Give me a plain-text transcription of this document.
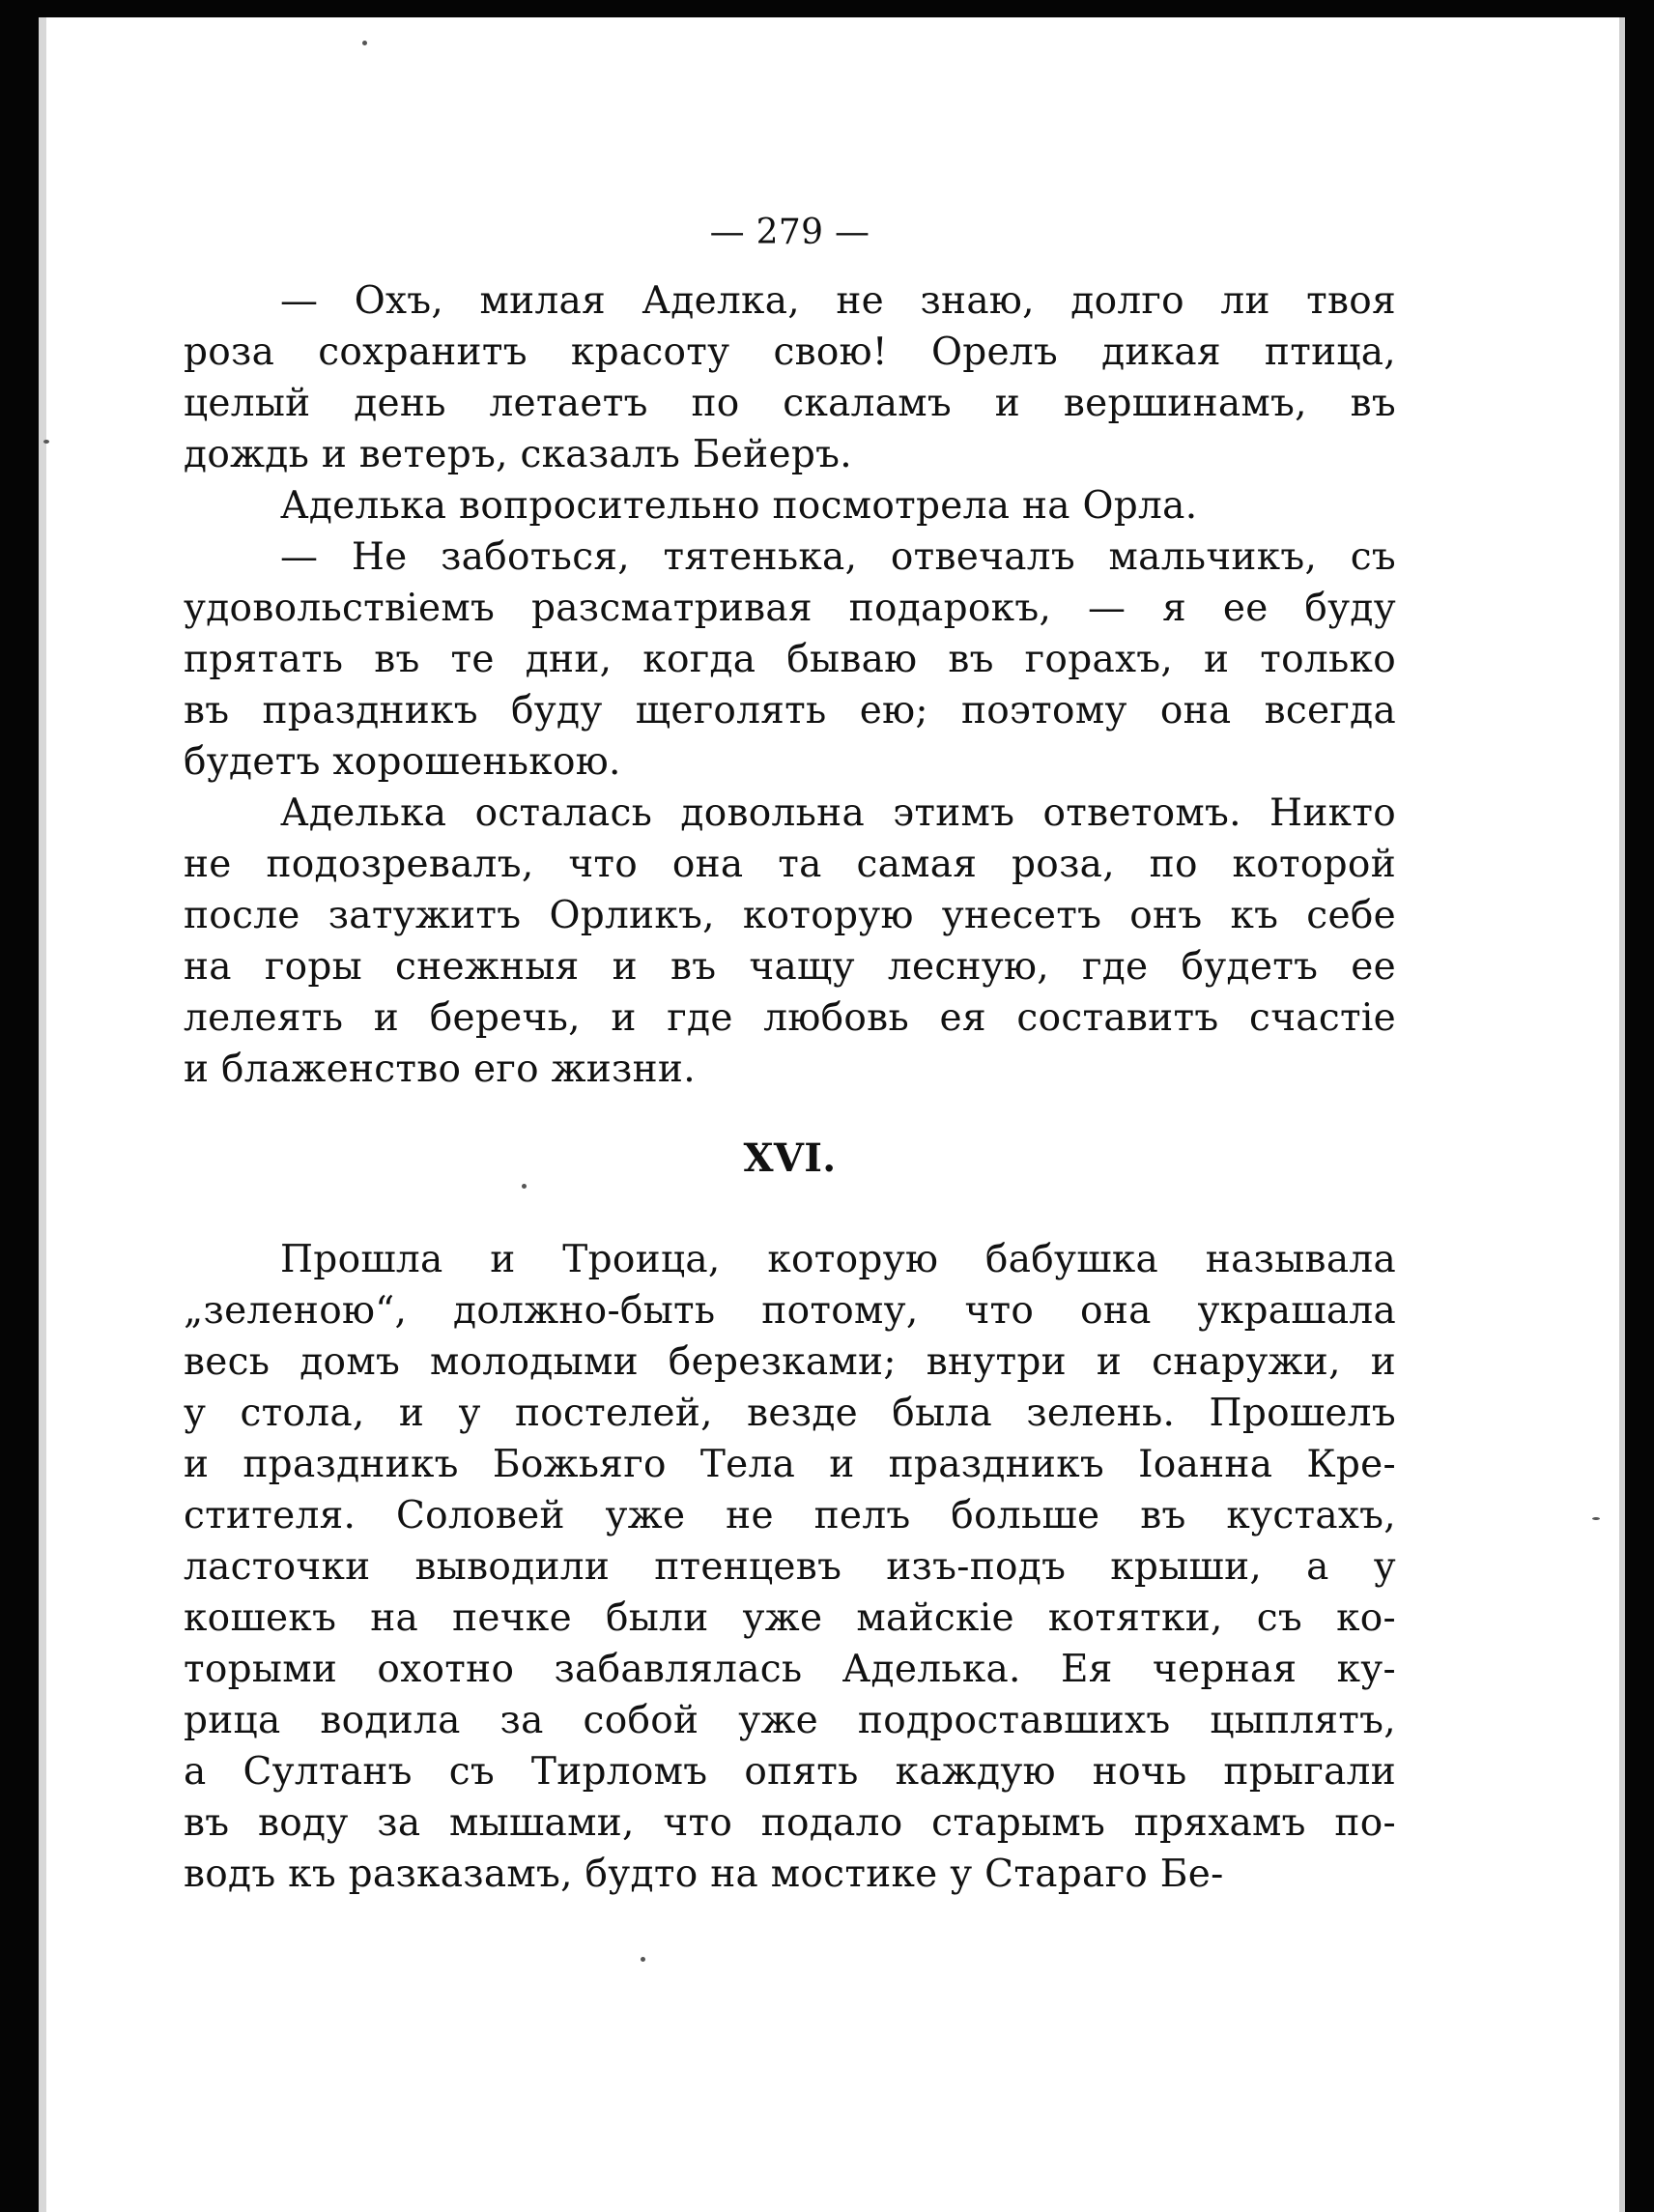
— 279 —

— Охъ, милая Аделка, не знаю, долго ли твоя
роза сохранитъ красоту свою! Орелъ дикая птица,
целый день летаетъ по скаламъ и вершинамъ, въ
дождь и ветеръ, сказалъ Бейеръ.

Аделька вопросительно посмотрела на Орла.

— Не заботься, тятенька, отвечалъ мальчикъ, съ
удовольствiемъ разсматривая подарокъ, — я ее буду
прятать въ те дни, когда бываю въ горахъ, и только
въ праздникъ буду щеголять ею; поэтому она всегда
будетъ хорошенькою.

Аделька осталась довольна этимъ ответомъ. Никто
не подозревалъ, что она та самая роза, по которой
после затужитъ Орликъ, которую унесетъ онъ къ себе
на горы снежныя и въ чащу лесную, где будетъ ее
лелеять и беречь, и где любовь ея составитъ счастiе
и блаженство его жизни.

XVI.

Прошла и Троица, которую бабушка называла
„зеленою“, должно-быть потому, что она украшала
весь домъ молодыми березками; внутри и снаружи, и
у стола, и у постелей, везде была зелень. Прошелъ
и праздникъ Божьяго Тела и праздникъ Iоанна Кре-
стителя. Соловей уже не пелъ больше въ кустахъ,
ласточки выводили птенцевъ изъ-подъ крыши, а у
кошекъ на печке были уже майскiе котятки, съ ко-
торыми охотно забавлялась Аделька. Ея черная ку-
рица водила за собой уже подроставшихъ цыплятъ,
а Султанъ съ Тирломъ опять каждую ночь прыгали
въ воду за мышами, что подало старымъ пряхамъ по-
водъ къ разказамъ, будто на мостике у Стараго Бе-
